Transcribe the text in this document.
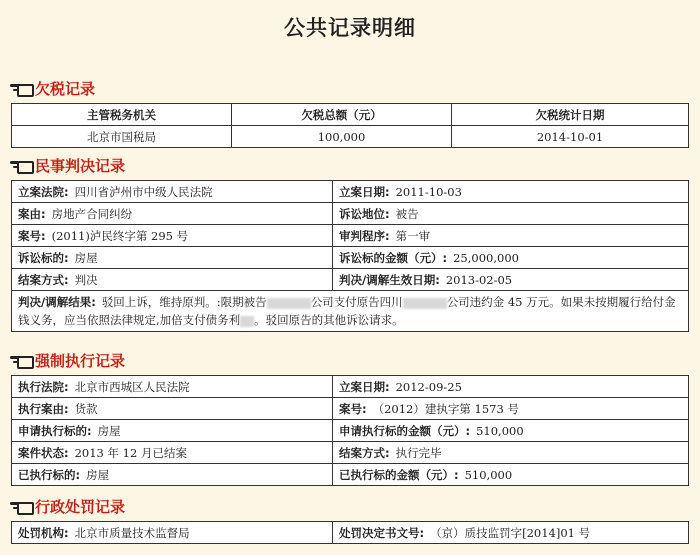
公共记录明细
欠税记录
主管税务机关	欠税总额（元）	欠税统计日期
北京市国税局	100,000	2014-10-01
民事判决记录
立案法院: 四川省泸州市中级人民法院	立案日期: 2011-10-03
案由: 房地产合同纠纷	诉讼地位: 被告
案号: (2011)泸民终字第 295 号	审判程序: 第一审
诉讼标的: 房屋	诉讼标的金额（元）: 25,000,000
结案方式: 判决	判决/调解生效日期: 2013-02-05
判决/调解结果: 驳回上诉，维持原判。:限期被告 公司支付原告四川 公司违约金 45 万元。如果未按期履行给付金钱义务，应当依照法律规定,加倍支付债务利 。驳回原告的其他诉讼请求。	
强制执行记录
执行法院: 北京市西城区人民法院	立案日期: 2012-09-25
执行案由: 货款	案号: （2012）建执字第 1573 号
申请执行标的: 房屋	申请执行标的金额（元）: 510,000
案件状态: 2013 年 12 月已结案	结案方式: 执行完毕
已执行标的: 房屋	已执行标的金额（元）: 510,000
行政处罚记录
处罚机构: 北京市质量技术监督局	处罚决定书文号: （京）质技监罚字[2014]01 号
